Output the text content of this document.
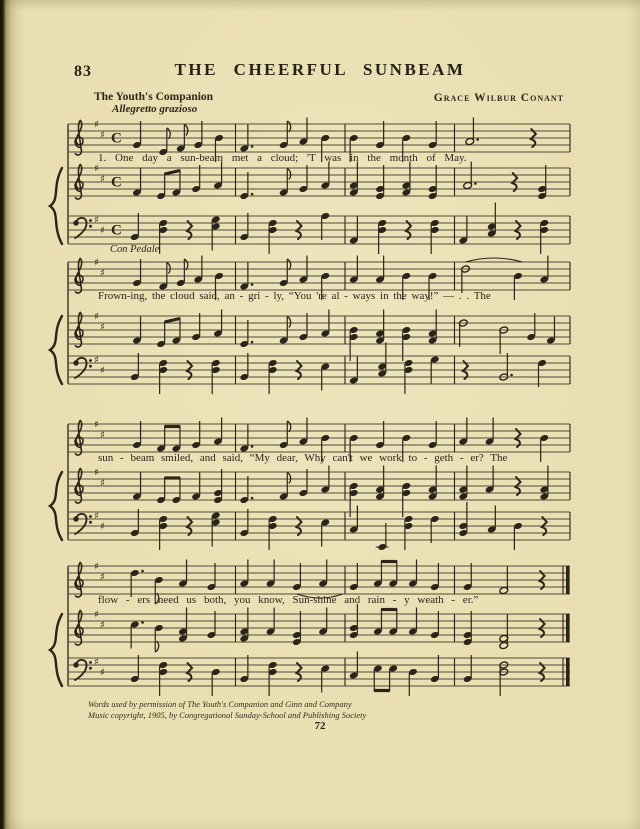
♯
♯ C
♯
♯ C
♯
♯ C
♯
♯
♯
♯
♯
♯
♯
♯
♯
♯
♯
♯
♯
♯
♯
♯
♯
♯
83	THE CHEERFUL SUNBEAM
The Youth's Companion	Grace Wilbur Conant
Allegretto grazioso
Con Pedale
1. One day a sun-beam met a cloud; 'T was in the month of May.
Frown-ing, the cloud said, an - gri - ly, “You 're al - ways in the way!” — . . The
sun - beam smiled, and said, “My dear, Why can't we work to - geth - er? The
flow - ers need us both, you know, Sun-shine and rain - y weath - er.”
Words used by permission of The Youth's Companion and Ginn and Company
Music copyright, 1905, by Congregational Sunday-School and Publishing Society
72
